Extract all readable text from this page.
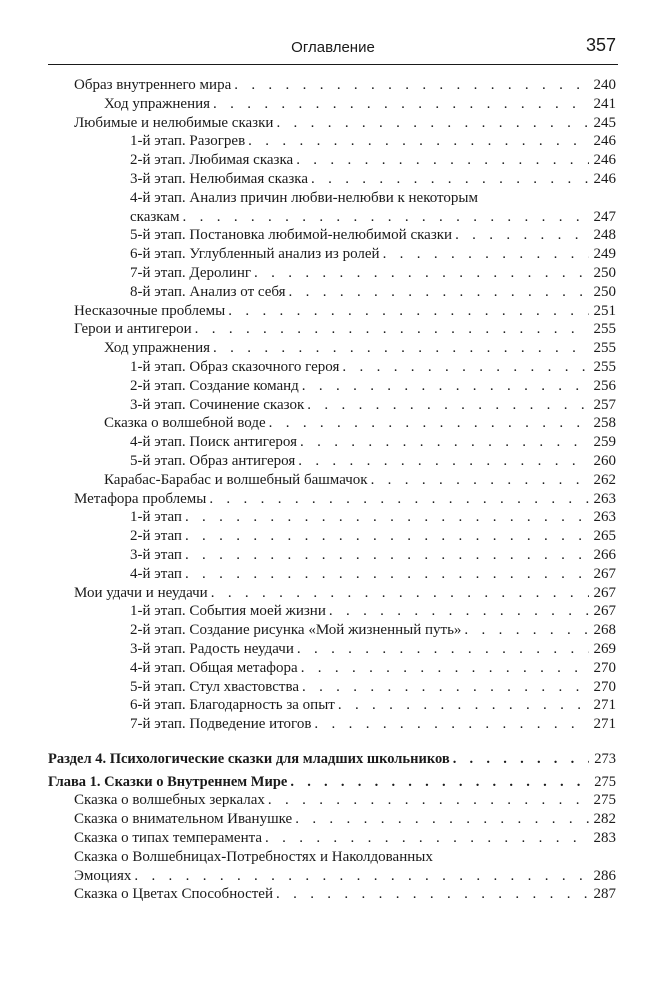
Оглавление	357
Образ внутреннего мира . . .	240
Ход упражнения . . .	241
Любимые и нелюбимые сказки . . .	245
1-й этап. Разогрев . . .	246
2-й этап. Любимая сказка . . .	246
3-й этап. Нелюбимая сказка . . .	246
4-й этап. Анализ причин любви-нелюбви к некоторым
сказкам . . .	247
5-й этап. Постановка любимой-нелюбимой сказки . . .	248
6-й этап. Углубленный анализ из ролей . . .	249
7-й этап. Деролинг . . .	250
8-й этап. Анализ от себя . . .	250
Несказочные проблемы . . .	251
Герои и антигерои . . .	255
Ход упражнения . . .	255
1-й этап. Образ сказочного героя . . .	255
2-й этап. Создание команд . . .	256
3-й этап. Сочинение сказок . . .	257
Сказка о волшебной воде . . .	258
4-й этап. Поиск антигероя . . .	259
5-й этап. Образ антигероя . . .	260
Карабас-Барабас и волшебный башмачок . . .	262
Метафора проблемы . . .	263
1-й этап . . .	263
2-й этап . . .	265
3-й этап . . .	266
4-й этап . . .	267
Мои удачи и неудачи . . .	267
1-й этап. События моей жизни . . .	267
2-й этап. Создание рисунка «Мой жизненный путь» . . .	268
3-й этап. Радость неудачи . . .	269
4-й этап. Общая метафора . . .	270
5-й этап. Стул хвастовства . . .	270
6-й этап. Благодарность за опыт . . .	271
7-й этап. Подведение итогов . . .	271
Раздел 4. Психологические сказки для младших школьников . . .	273
Глава 1. Сказки о Внутреннем Мире . . .	275
Сказка о волшебных зеркалах . . .	275
Сказка о внимательном Иванушке . . .	282
Сказка о типах темперамента . . .	283
Сказка о Волшебницах-Потребностях и Наколдованных
Эмоциях . . .	286
Сказка о Цветах Способностей . . .	287
